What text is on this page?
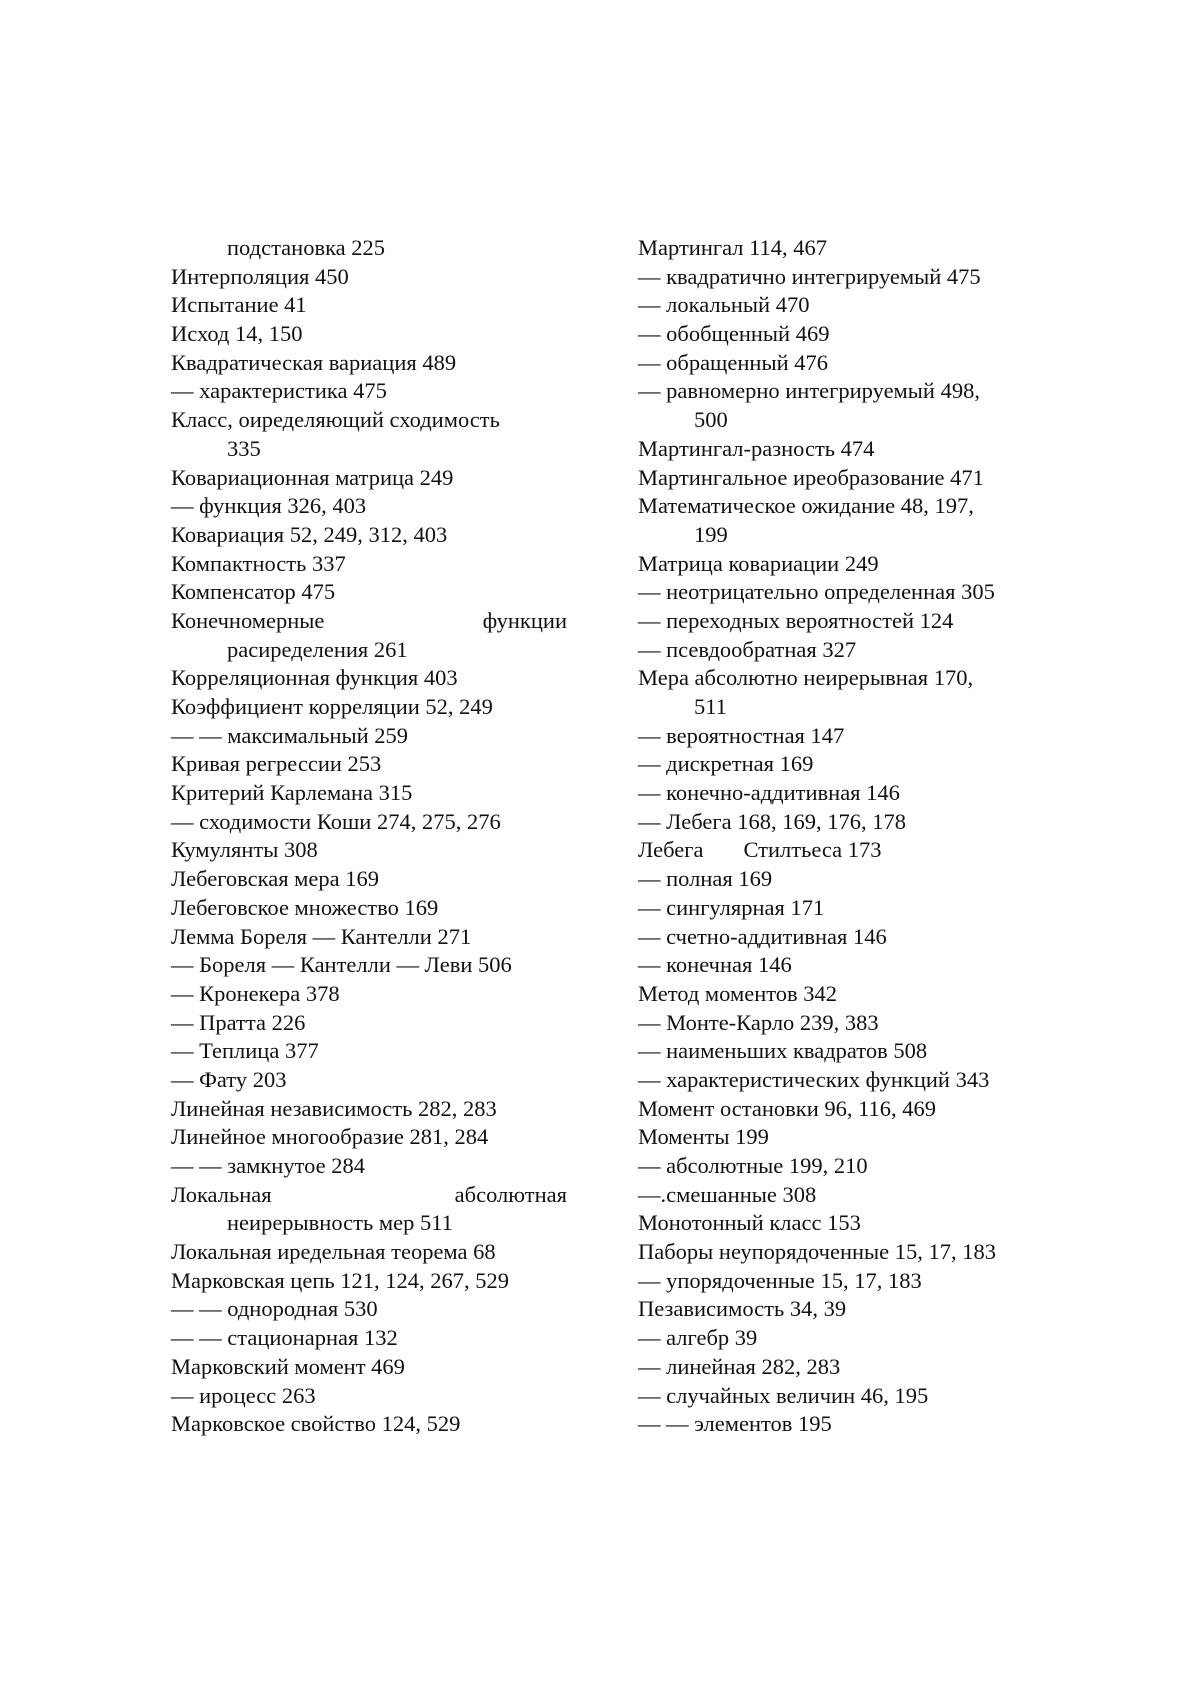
подстановка 225
Интерполяция 450
Испытание 41
Исход 14, 150
Квадратическая вариация 489
— характеристика 475
Класс, оиределяющий сходимость
335
Ковариационная матрица 249
— функция 326, 403
Ковариация 52, 249, 312, 403
Компактность 337
Компенсатор 475
Конечномерные	функции
расиределения 261
Корреляционная функция 403
Коэффициент корреляции 52, 249
— — максимальный 259
Кривая регрессии 253
Критерий Карлемана 315
— сходимости Коши 274, 275, 276
Кумулянты 308
Лебеговская мера 169
Лебеговское множество 169
Лемма Бореля — Кантелли 271
— Бореля — Кантелли — Леви 506
— Кронекера 378
— Пратта 226
— Теплица 377
— Фату 203
Линейная независимость 282, 283
Линейное многообразие 281, 284
— — замкнутое 284
Локальная	абсолютная
неирерывность мер 511
Локальная иредельная теорема 68
Марковская цепь 121, 124, 267, 529
— — однородная 530
— — стационарная 132
Марковский момент 469
— ироцесс 263
Марковское свойство 124, 529
Мартингал 114, 467
— квадратично интегрируемый 475
— локальный 470
— обобщенный 469
— обращенный 476
— равномерно интегрируемый 498,
500
Мартингал-разность 474
Мартингальное иреобразование 471
Математическое ожидание 48, 197,
199
Матрица ковариации 249
— неотрицательно определенная 305
— переходных вероятностей 124
— псевдообратная 327
Мера абсолютно неирерывная 170,
511
— вероятностная 147
— дискретная 169
— конечно-аддитивная 146
— Лебега 168, 169, 176, 178
Лебега Стилтьеса 173
— полная 169
— сингулярная 171
— счетно-аддитивная 146
— конечная 146
Метод моментов 342
— Монте-Карло 239, 383
— наименьших квадратов 508
— характеристических функций 343
Момент остановки 96, 116, 469
Моменты 199
— абсолютные 199, 210
—.смешанные 308
Монотонный класс 153
Паборы неупорядоченные 15, 17, 183
— упорядоченные 15, 17, 183
Пезависимость 34, 39
— алгебр 39
— линейная 282, 283
— случайных величин 46, 195
— — элементов 195
